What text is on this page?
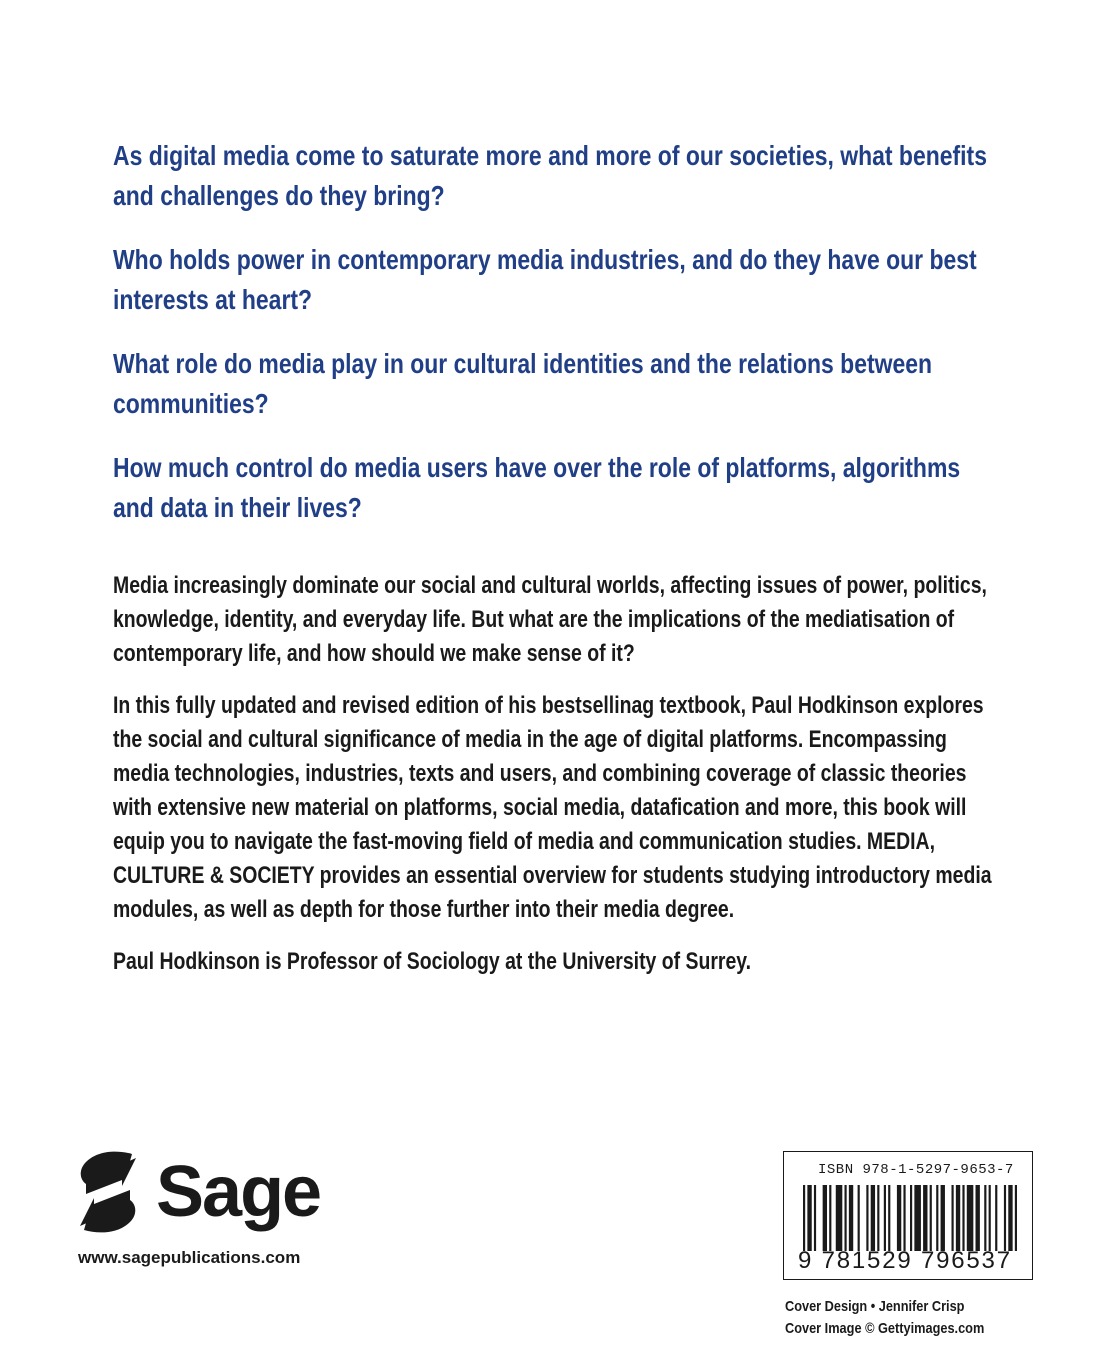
As digital media come to saturate more and more of our societies, what benefits and challenges do they bring?

Who holds power in contemporary media industries, and do they have our best interests at heart?

What role do media play in our cultural identities and the relations between communities?

How much control do media users have over the role of platforms, algorithms and data in their lives?

Media increasingly dominate our social and cultural worlds, affecting issues of power, politics, knowledge, identity, and everyday life. But what are the implications of the mediatisation of contemporary life, and how should we make sense of it?

In this fully updated and revised edition of his bestsellinag textbook, Paul Hodkinson explores the social and cultural significance of media in the age of digital platforms. Encompassing media technologies, industries, texts and users, and combining coverage of classic theories with extensive new material on platforms, social media, datafication and more, this book will equip you to navigate the fast-moving field of media and communication studies. MEDIA, CULTURE & SOCIETY provides an essential overview for students studying introductory media modules, as well as depth for those further into their media degree.

Paul Hodkinson is Professor of Sociology at the University of Surrey.

Sage
www.sagepublications.com
ISBN 978-1-5297-9653-7
9 781529 796537
Cover Design • Jennifer Crisp
Cover Image © Gettyimages.com
